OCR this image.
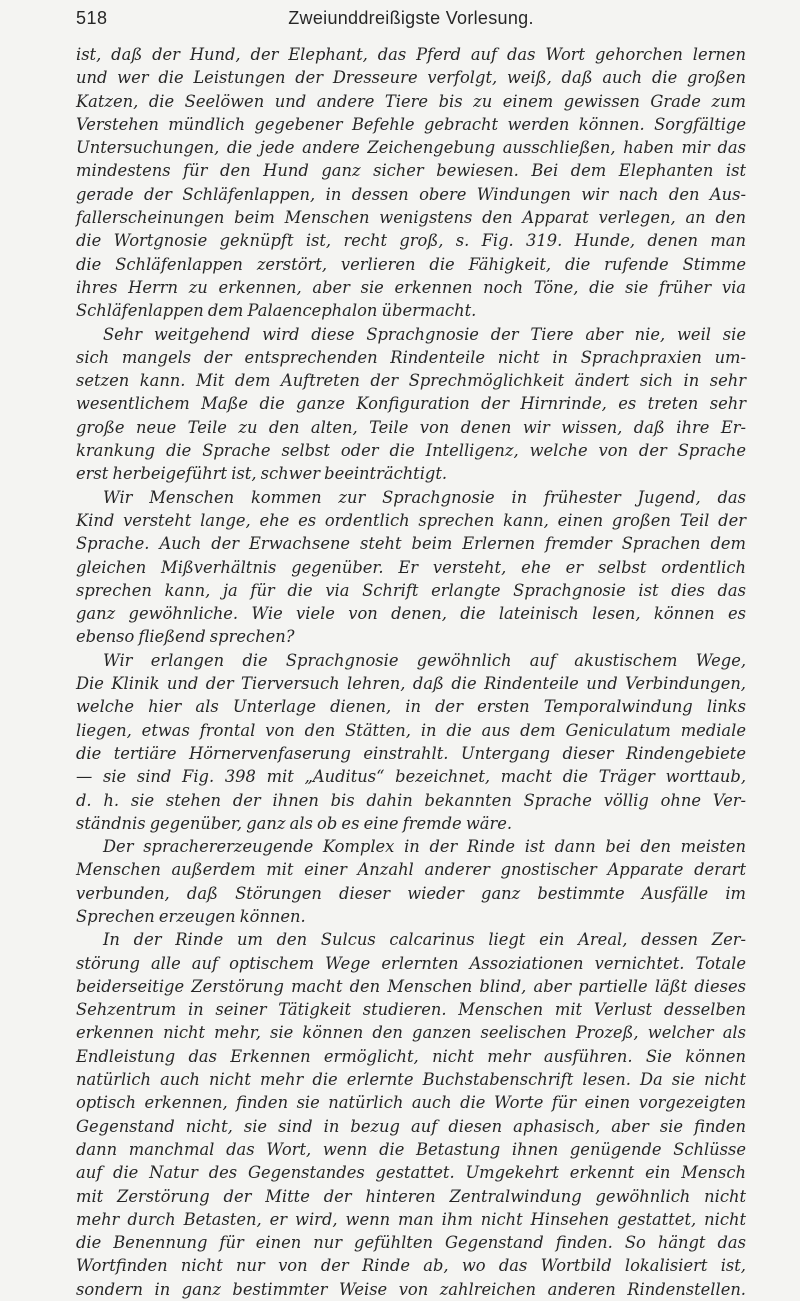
518	Zweiunddreißigste Vorlesung.
ist, daß der Hund, der Elephant, das Pferd auf das Wort gehorchen lernen
und wer die Leistungen der Dresseure verfolgt, weiß, daß auch die großen
Katzen, die Seelöwen und andere Tiere bis zu einem gewissen Grade zum
Verstehen mündlich gegebener Befehle gebracht werden können. Sorgfältige
Untersuchungen, die jede andere Zeichengebung ausschließen, haben mir das
mindestens für den Hund ganz sicher bewiesen. Bei dem Elephanten ist
gerade der Schläfenlappen, in dessen obere Windungen wir nach den Aus-
fallerscheinungen beim Menschen wenigstens den Apparat verlegen, an den
die Wortgnosie geknüpft ist, recht groß, s. Fig. 319. Hunde, denen man
die Schläfenlappen zerstört, verlieren die Fähigkeit, die rufende Stimme
ihres Herrn zu erkennen, aber sie erkennen noch Töne, die sie früher via
Schläfenlappen dem Palaencephalon übermacht.
Sehr weitgehend wird diese Sprachgnosie der Tiere aber nie, weil sie
sich mangels der entsprechenden Rindenteile nicht in Sprachpraxien um-
setzen kann. Mit dem Auftreten der Sprechmöglichkeit ändert sich in sehr
wesentlichem Maße die ganze Konfiguration der Hirnrinde, es treten sehr
große neue Teile zu den alten, Teile von denen wir wissen, daß ihre Er-
krankung die Sprache selbst oder die Intelligenz, welche von der Sprache
erst herbeigeführt ist, schwer beeinträchtigt.
Wir Menschen kommen zur Sprachgnosie in frühester Jugend, das
Kind versteht lange, ehe es ordentlich sprechen kann, einen großen Teil der
Sprache. Auch der Erwachsene steht beim Erlernen fremder Sprachen dem
gleichen Mißverhältnis gegenüber. Er versteht, ehe er selbst ordentlich
sprechen kann, ja für die via Schrift erlangte Sprachgnosie ist dies das
ganz gewöhnliche. Wie viele von denen, die lateinisch lesen, können es
ebenso fließend sprechen?
Wir erlangen die Sprachgnosie gewöhnlich auf akustischem Wege,
Die Klinik und der Tierversuch lehren, daß die Rindenteile und Verbindungen,
welche hier als Unterlage dienen, in der ersten Temporalwindung links
liegen, etwas frontal von den Stätten, in die aus dem Geniculatum mediale
die tertiäre Hörnervenfaserung einstrahlt. Untergang dieser Rindengebiete
— sie sind Fig. 398 mit „Auditus“ bezeichnet, macht die Träger worttaub,
d. h. sie stehen der ihnen bis dahin bekannten Sprache völlig ohne Ver-
ständnis gegenüber, ganz als ob es eine fremde wäre.
Der sprachererzeugende Komplex in der Rinde ist dann bei den meisten
Menschen außerdem mit einer Anzahl anderer gnostischer Apparate derart
verbunden, daß Störungen dieser wieder ganz bestimmte Ausfälle im
Sprechen erzeugen können.
In der Rinde um den Sulcus calcarinus liegt ein Areal, dessen Zer-
störung alle auf optischem Wege erlernten Assoziationen vernichtet. Totale
beiderseitige Zerstörung macht den Menschen blind, aber partielle läßt dieses
Sehzentrum in seiner Tätigkeit studieren. Menschen mit Verlust desselben
erkennen nicht mehr, sie können den ganzen seelischen Prozeß, welcher als
Endleistung das Erkennen ermöglicht, nicht mehr ausführen. Sie können
natürlich auch nicht mehr die erlernte Buchstabenschrift lesen. Da sie nicht
optisch erkennen, finden sie natürlich auch die Worte für einen vorgezeigten
Gegenstand nicht, sie sind in bezug auf diesen aphasisch, aber sie finden
dann manchmal das Wort, wenn die Betastung ihnen genügende Schlüsse
auf die Natur des Gegenstandes gestattet. Umgekehrt erkennt ein Mensch
mit Zerstörung der Mitte der hinteren Zentralwindung gewöhnlich nicht
mehr durch Betasten, er wird, wenn man ihm nicht Hinsehen gestattet, nicht
die Benennung für einen nur gefühlten Gegenstand finden. So hängt das
Wortfinden nicht nur von der Rinde ab, wo das Wortbild lokalisiert ist,
sondern in ganz bestimmter Weise von zahlreichen anderen Rindenstellen.
